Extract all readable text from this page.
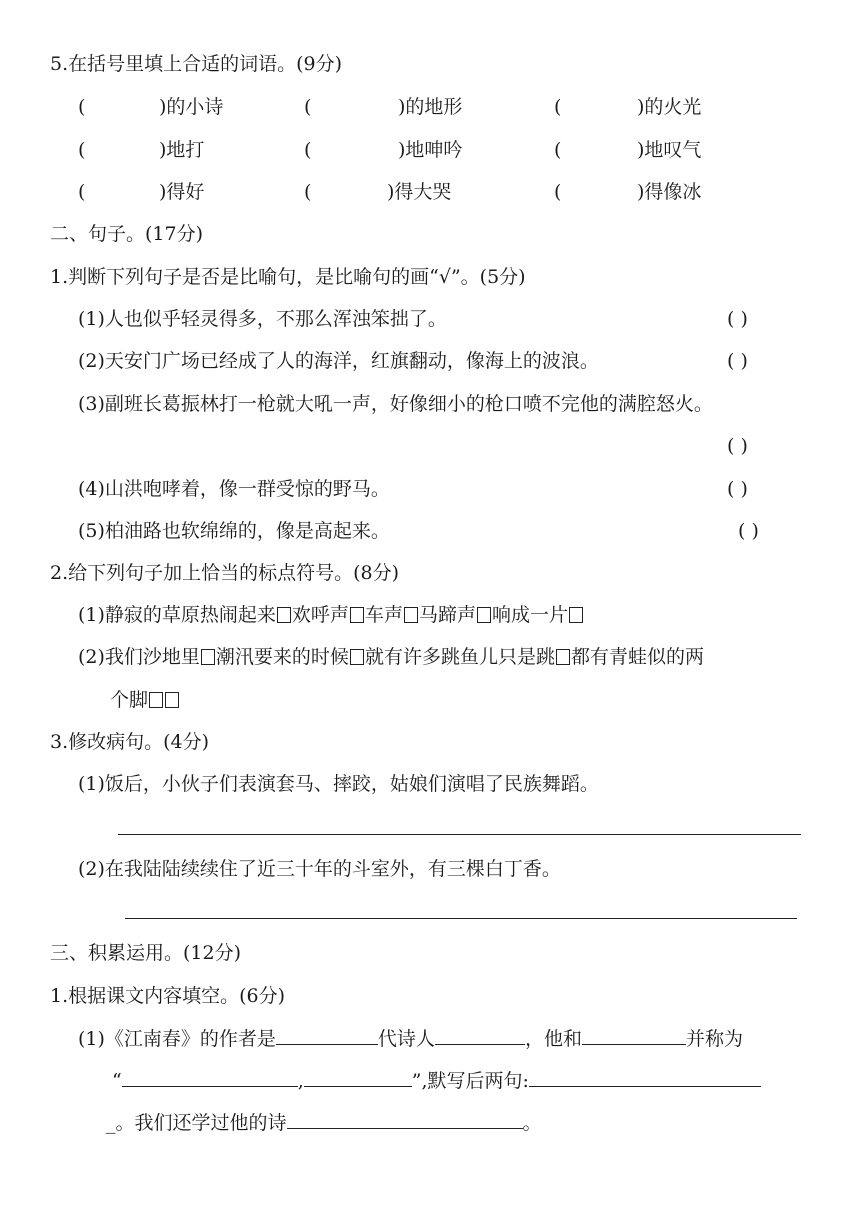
5.在括号里填上合适的词语。(9分)
(	)的小诗	(	)的地形	(	)的火光
(	)地打	(	)地呻吟	(	)地叹气
(	)得好	(	)得大哭	(	)得像冰
二、句子。(17分)
1.判断下列句子是否是比喻句，是比喻句的画“√”。(5分)
(1)人也似乎轻灵得多，不那么浑浊笨拙了。	( )
(2)天安门广场已经成了人的海洋，红旗翻动，像海上的波浪。	( )
(3)副班长葛振林打一枪就大吼一声，好像细小的枪口喷不完他的满腔怒火。
( )
(4)山洪咆哮着，像一群受惊的野马。	( )
(5)柏油路也软绵绵的，像是高起来。	( )
2.给下列句子加上恰当的标点符号。(8分)
(1)静寂的草原热闹起来 欢呼声 车声 马蹄声 响成一片
(2)我们沙地里 潮汛要来的时候 就有许多跳鱼儿只是跳 都有青蛙似的两
个脚
3.修改病句。(4分)
(1)饭后，小伙子们表演套马、摔跤，姑娘们演唱了民族舞蹈。
(2)在我陆陆续续住了近三十年的斗室外，有三棵白丁香。
三、积累运用。(12分)
1.根据课文内容填空。(6分)
(1)《江南春》的作者是	代诗人	，他和	并称为
“	,	”,默写后两句:
_。我们还学过他的诗	。
